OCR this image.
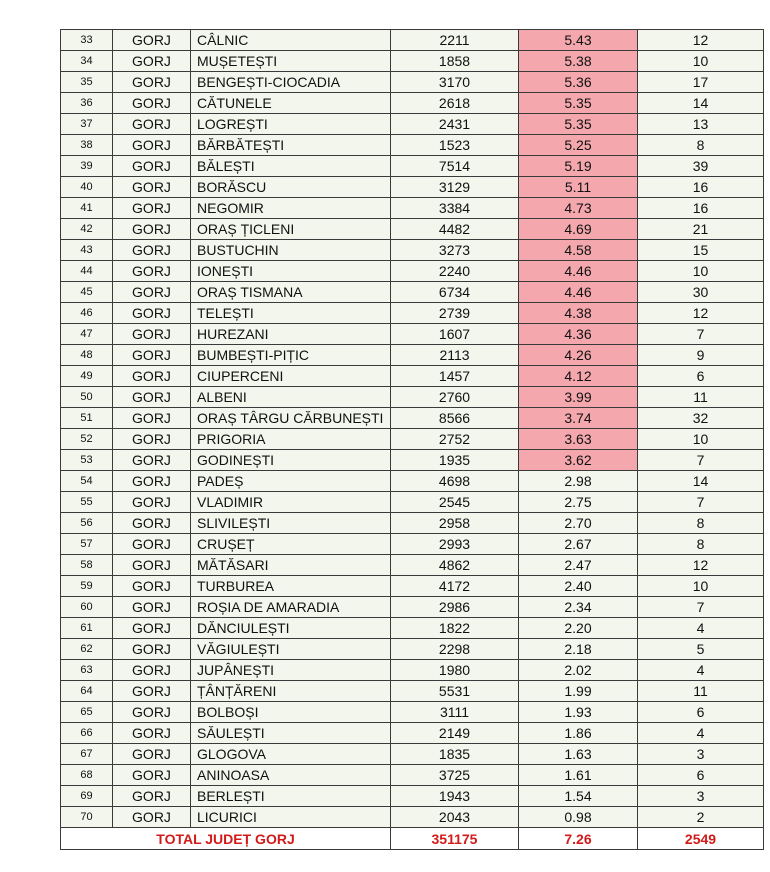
33	GORJ	CÂLNIC	2211	5.43	12
34	GORJ	MUȘETEȘTI	1858	5.38	10
35	GORJ	BENGEȘTI-CIOCADIA	3170	5.36	17
36	GORJ	CĂTUNELE	2618	5.35	14
37	GORJ	LOGREȘTI	2431	5.35	13
38	GORJ	BĂRBĂTEȘTI	1523	5.25	8
39	GORJ	BĂLEȘTI	7514	5.19	39
40	GORJ	BORĂSCU	3129	5.11	16
41	GORJ	NEGOMIR	3384	4.73	16
42	GORJ	ORAȘ ȚICLENI	4482	4.69	21
43	GORJ	BUSTUCHIN	3273	4.58	15
44	GORJ	IONEȘTI	2240	4.46	10
45	GORJ	ORAȘ TISMANA	6734	4.46	30
46	GORJ	TELEȘTI	2739	4.38	12
47	GORJ	HUREZANI	1607	4.36	7
48	GORJ	BUMBEȘTI-PIȚIC	2113	4.26	9
49	GORJ	CIUPERCENI	1457	4.12	6
50	GORJ	ALBENI	2760	3.99	11
51	GORJ	ORAȘ TÂRGU CĂRBUNEȘTI	8566	3.74	32
52	GORJ	PRIGORIA	2752	3.63	10
53	GORJ	GODINEȘTI	1935	3.62	7
54	GORJ	PADEȘ	4698	2.98	14
55	GORJ	VLADIMIR	2545	2.75	7
56	GORJ	SLIVILEȘTI	2958	2.70	8
57	GORJ	CRUȘEȚ	2993	2.67	8
58	GORJ	MĂTĂSARI	4862	2.47	12
59	GORJ	TURBUREA	4172	2.40	10
60	GORJ	ROȘIA DE AMARADIA	2986	2.34	7
61	GORJ	DĂNCIULEȘTI	1822	2.20	4
62	GORJ	VĂGIULEȘTI	2298	2.18	5
63	GORJ	JUPÂNEȘTI	1980	2.02	4
64	GORJ	ȚÂNȚĂRENI	5531	1.99	11
65	GORJ	BOLBOȘI	3111	1.93	6
66	GORJ	SĂULEȘTI	2149	1.86	4
67	GORJ	GLOGOVA	1835	1.63	3
68	GORJ	ANINOASA	3725	1.61	6
69	GORJ	BERLEȘTI	1943	1.54	3
70	GORJ	LICURICI	2043	0.98	2
TOTAL JUDEȚ GORJ			351175	7.26	2549
